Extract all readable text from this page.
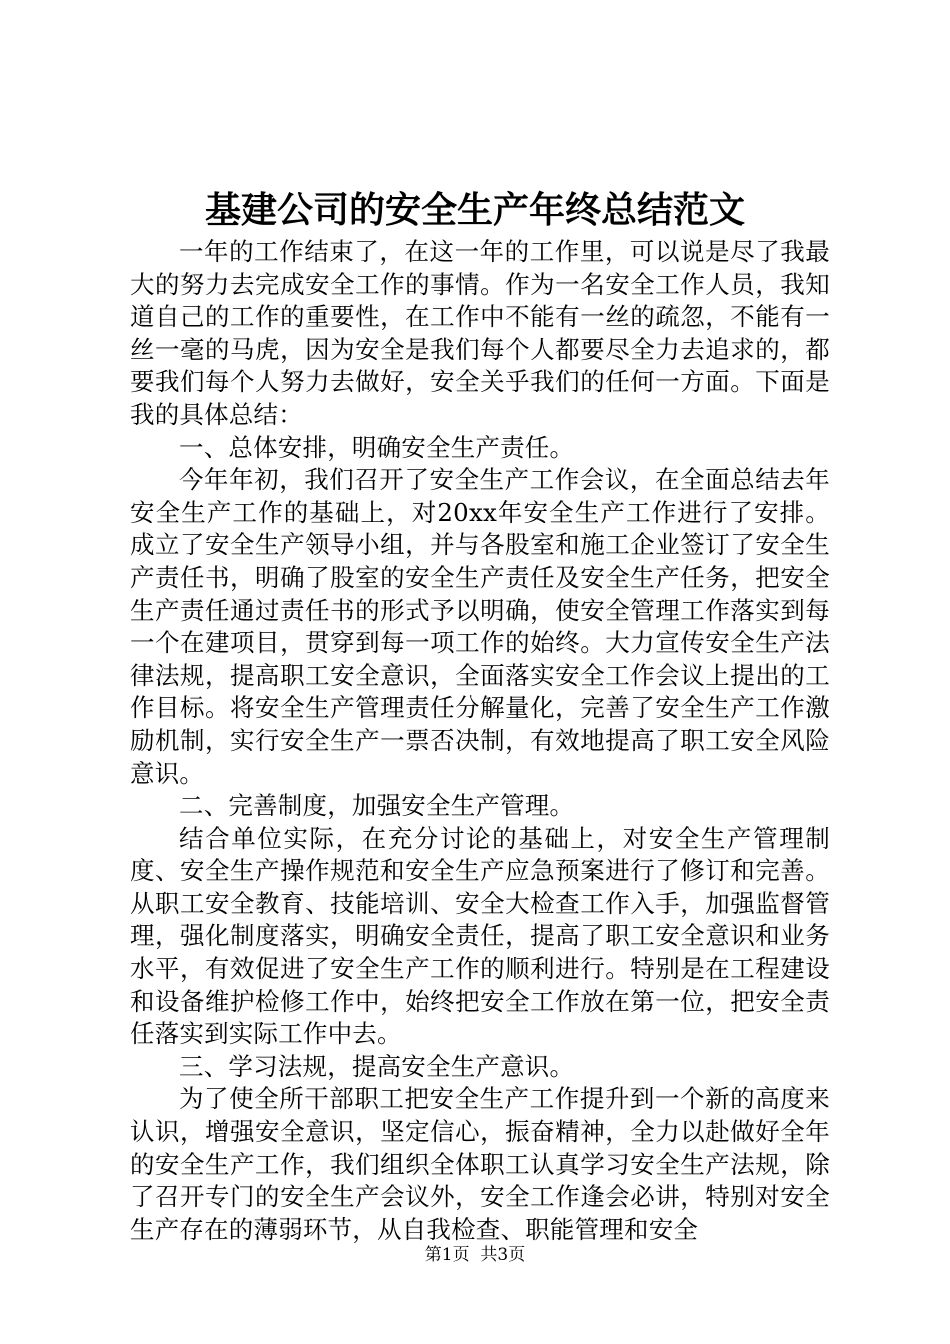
基建公司的安全生产年终总结范文

一年的工作结束了，在这一年的工作里，可以说是尽了我最大的努力去完成安全工作的事情。作为一名安全工作人员，我知道自己的工作的重要性，在工作中不能有一丝的疏忽，不能有一丝一毫的马虎，因为安全是我们每个人都要尽全力去追求的，都要我们每个人努力去做好，安全关乎我们的任何一方面。下面是我的具体总结：

一、总体安排，明确安全生产责任。

今年年初，我们召开了安全生产工作会议，在全面总结去年安全生产工作的基础上，对20xx年安全生产工作进行了安排。成立了安全生产领导小组，并与各股室和施工企业签订了安全生产责任书，明确了股室的安全生产责任及安全生产任务，把安全生产责任通过责任书的形式予以明确，使安全管理工作落实到每一个在建项目，贯穿到每一项工作的始终。大力宣传安全生产法律法规，提高职工安全意识，全面落实安全工作会议上提出的工作目标。将安全生产管理责任分解量化，完善了安全生产工作激励机制，实行安全生产一票否决制，有效地提高了职工安全风险意识。

二、完善制度，加强安全生产管理。

结合单位实际，在充分讨论的基础上，对安全生产管理制度、安全生产操作规范和安全生产应急预案进行了修订和完善。从职工安全教育、技能培训、安全大检查工作入手，加强监督管理，强化制度落实，明确安全责任，提高了职工安全意识和业务水平，有效促进了安全生产工作的顺利进行。特别是在工程建设和设备维护检修工作中，始终把安全工作放在第一位，把安全责任落实到实际工作中去。

三、学习法规，提高安全生产意识。

为了使全所干部职工把安全生产工作提升到一个新的高度来认识，增强安全意识，坚定信心，振奋精神，全力以赴做好全年的安全生产工作，我们组织全体职工认真学习安全生产法规，除了召开专门的安全生产会议外，安全工作逢会必讲，特别对安全生产存在的薄弱环节，从自我检查、职能管理和安全

第1页 共3页
